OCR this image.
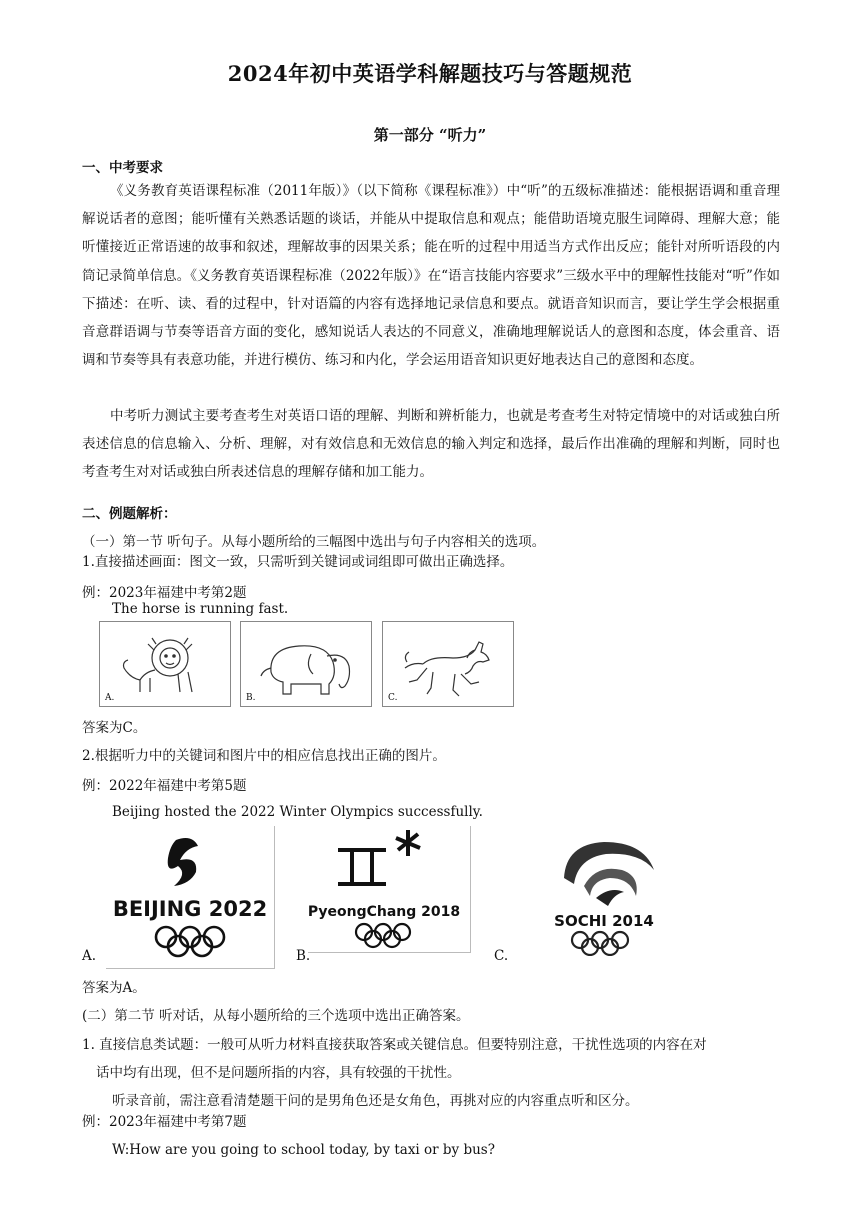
2024年初中英语学科解题技巧与答题规范
第一部分 “听力”
一、中考要求

《义务教育英语课程标准（2011年版）》（以下简称《课程标准》）中“听”的五级标准描述：能根据语调和重音理解说话者的意图；能听懂有关熟悉话题的谈话，并能从中提取信息和观点；能借助语境克服生词障碍、理解大意；能听懂接近正常语速的故事和叙述，理解故事的因果关系；能在听的过程中用适当方式作出反应；能针对所听语段的内筒记录简单信息。《义务教育英语课程标准（2022年版）》在“语言技能内容要求”三级水平中的理解性技能对“听”作如下描述：在听、读、看的过程中，针对语篇的内容有选择地记录信息和要点。就语音知识而言，要让学生学会根据重音意群语调与节奏等语音方面的变化，感知说话人表达的不同意义，准确地理解说话人的意图和态度，体会重音、语调和节奏等具有表意功能，并进行模仿、练习和内化，学会运用语音知识更好地表达自己的意图和态度。

中考听力测试主要考查考生对英语口语的理解、判断和辨析能力，也就是考查考生对特定情境中的对话或独白所表述信息的信息输入、分析、理解，对有效信息和无效信息的输入判定和选择，最后作出准确的理解和判断，同时也考查考生对对话或独白所表述信息的理解存储和加工能力。

二、例题解析：
（一）第一节 听句子。从每小题所给的三幅图中选出与句子内容相关的选项。
1.直接描述画面：图文一致，只需听到关键词或词组即可做出正确选择。
例：2023年福建中考第2题
The horse is running fast.
A.	B.	C.
答案为C。
2.根据听力中的关键词和图片中的相应信息找出正确的图片。
例：2022年福建中考第5题
Beijing hosted the 2022 Winter Olympics successfully.
BEIJING 2022	PyeongChang 2018	SOCHI 2014
A.	B.	C.
答案为A。
(二）第二节 听对话，从每小题所给的三个选项中选出正确答案。
1. 直接信息类试题：一般可从听力材料直接获取答案或关键信息。但要特别注意，干扰性选项的内容在对
话中均有出现，但不是问题所指的内容，具有较强的干扰性。
听录音前，需注意看清楚题干问的是男角色还是女角色，再挑对应的内容重点听和区分。
例：2023年福建中考第7题
W:How are you going to school today, by taxi or by bus?
